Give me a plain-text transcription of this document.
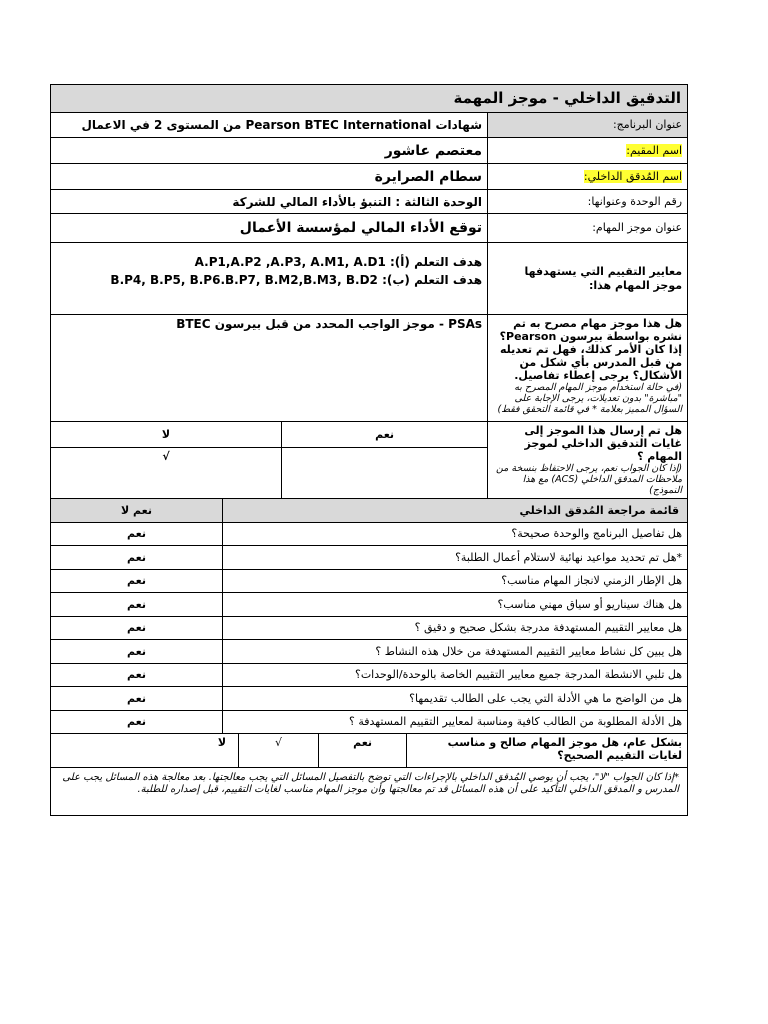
التدقيق الداخلي - موجز المهمة						
عنوان البرنامج:	شهادات Pearson BTEC International من المستوى 2 في الاعمال					
اسم المقيم:	معتصم عاشور					
اسم المُدقق الداخلي:	سطام الصرايرة					
رقم الوحدة وعنوانها:	الوحدة الثالثة : التنبؤ بالأداء المالي للشركة					
عنوان موجز المهام:	توقع الأداء المالي لمؤسسة الأعمال					
معايير التقييم التي يستهدفها موجز المهام هذا:	هدف التعلم (أ): A.P1,A.P2 ,A.P3, A.M1, A.D1
هدف التعلم (ب): B.P4, B.P5, B.P6.B.P7, B.M2,B.M3, B.D2					

هل هذا موجز مهام مصرح به تم نشره بواسطة بيرسون Pearson؟ إذا كان الأمر كذلك، فهل تم تعديله من قبل المدرس بأي شكل من الأشكال؟ يرجى إعطاء تفاصيل.
(في حالة استخدام موجز المهام المصرح به "مباشرة" بدون تعديلات، يرجى الإجابة على السؤال المميز بعلامة * في قائمة التحقق فقط)	PSAs - موجز الواجب المحدد من قبل بيرسون BTEC					
هل تم إرسال هذا الموجز إلى غايات التدقيق الداخلي لموجز المهام ؟
(إذا كان الجواب نعم، يرجى الاحتفاظ بنسخة من ملاحظات المدقق الداخلي (ACS) مع هذا النموذج)	نعم			لا		
				√		
قائمة مراجعة المُدقق الداخلي						نعم لا
هل تفاصيل البرنامج والوحدة صحيحة؟						نعم
*هل تم تحديد مواعيد نهائية لاستلام أعمال الطلبة؟						نعم
هل الإطار الزمني لانجاز المهام مناسب؟						نعم
هل هناك سيناريو أو سياق مهني مناسب؟						نعم
هل معايير التقييم المستهدفة مدرجة بشكل صحيح و دقيق ؟						نعم
هل يبين كل نشاط معايير التقييم المستهدفة من خلال هذه النشاط ؟						نعم
هل تلبي الانشطة المدرجة جميع معايير التقييم الخاصة بالوحدة/الوحدات؟						نعم
هل من الواضح ما هي الأدلة التي يجب على الطالب تقديمها؟						نعم
هل الأدلة المطلوبة من الطالب كافية ومناسبة لمعايير التقييم المستهدفة ؟						نعم
بشكل عام، هل موجز المهام صالح و مناسب لغايات التقييم الصحيح؟		نعم	√		لا	
*إذا كان الجواب "لا"، يجب أن يوصي المُدقق الداخلي بالإجراءات التي توضح بالتفصيل المسائل التي يجب معالجتها. بعد معالجة هذه المسائل يجب على المدرس و المدقق الداخلي التأكيد على أن هذه المسائل قد تم معالجتها وأن موجز المهام مناسب لغايات التقييم، قبل إصداره للطلبة.						
